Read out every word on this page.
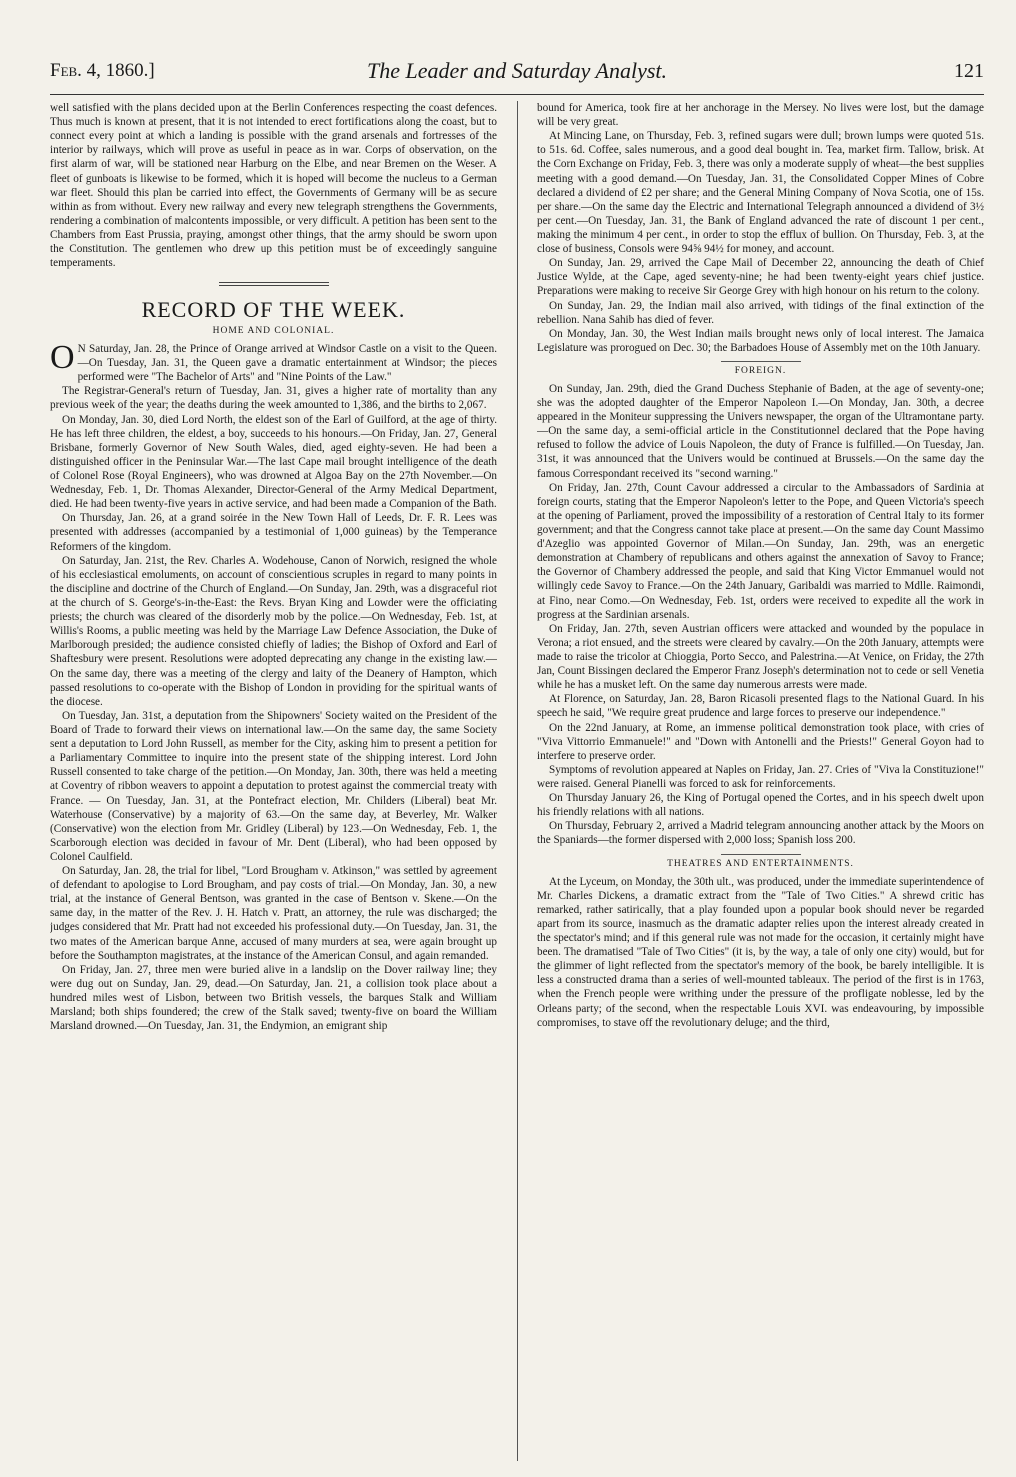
Feb. 4, 1860.]	The Leader and Saturday Analyst.	121

well satisfied with the plans decided upon at the Berlin Conferences respecting the coast defences. Thus much is known at present, that it is not intended to erect fortifications along the coast, but to connect every point at which a landing is possible with the grand arsenals and fortresses of the interior by railways, which will prove as useful in peace as in war. Corps of observation, on the first alarm of war, will be stationed near Harburg on the Elbe, and near Bremen on the Weser. A fleet of gunboats is likewise to be formed, which it is hoped will become the nucleus to a German war fleet. Should this plan be carried into effect, the Governments of Germany will be as secure within as from without. Every new railway and every new telegraph strengthens the Governments, rendering a combination of malcontents impossible, or very difficult. A petition has been sent to the Chambers from East Prussia, praying, amongst other things, that the army should be sworn upon the Constitution. The gentlemen who drew up this petition must be of exceedingly sanguine temperaments.

RECORD OF THE WEEK.
HOME AND COLONIAL.

O N Saturday, Jan. 28, the Prince of Orange arrived at Windsor Castle on a visit to the Queen.—On Tuesday, Jan. 31, the Queen gave a dramatic entertainment at Windsor; the pieces performed were "The Bachelor of Arts" and "Nine Points of the Law."

The Registrar-General's return of Tuesday, Jan. 31, gives a higher rate of mortality than any previous week of the year; the deaths during the week amounted to 1,386, and the births to 2,067.

On Monday, Jan. 30, died Lord North, the eldest son of the Earl of Guilford, at the age of thirty. He has left three children, the eldest, a boy, succeeds to his honours.—On Friday, Jan. 27, General Brisbane, formerly Governor of New South Wales, died, aged eighty-seven. He had been a distinguished officer in the Peninsular War.—The last Cape mail brought intelligence of the death of Colonel Rose (Royal Engineers), who was drowned at Algoa Bay on the 27th November.—On Wednesday, Feb. 1, Dr. Thomas Alexander, Director-General of the Army Medical Department, died. He had been twenty-five years in active service, and had been made a Companion of the Bath.

On Thursday, Jan. 26, at a grand soirée in the New Town Hall of Leeds, Dr. F. R. Lees was presented with addresses (accompanied by a testimonial of 1,000 guineas) by the Temperance Reformers of the kingdom.

On Saturday, Jan. 21st, the Rev. Charles A. Wodehouse, Canon of Norwich, resigned the whole of his ecclesiastical emoluments, on account of conscientious scruples in regard to many points in the discipline and doctrine of the Church of England.—On Sunday, Jan. 29th, was a disgraceful riot at the church of S. George's-in-the-East: the Revs. Bryan King and Lowder were the officiating priests; the church was cleared of the disorderly mob by the police.—On Wednesday, Feb. 1st, at Willis's Rooms, a public meeting was held by the Marriage Law Defence Association, the Duke of Marlborough presided; the audience consisted chiefly of ladies; the Bishop of Oxford and Earl of Shaftesbury were present. Resolutions were adopted deprecating any change in the existing law.—On the same day, there was a meeting of the clergy and laity of the Deanery of Hampton, which passed resolutions to co-operate with the Bishop of London in providing for the spiritual wants of the diocese.

On Tuesday, Jan. 31st, a deputation from the Shipowners' Society waited on the President of the Board of Trade to forward their views on international law.—On the same day, the same Society sent a deputation to Lord John Russell, as member for the City, asking him to present a petition for a Parliamentary Committee to inquire into the present state of the shipping interest. Lord John Russell consented to take charge of the petition.—On Monday, Jan. 30th, there was held a meeting at Coventry of ribbon weavers to appoint a deputation to protest against the commercial treaty with France. — On Tuesday, Jan. 31, at the Pontefract election, Mr. Childers (Liberal) beat Mr. Waterhouse (Conservative) by a majority of 63.—On the same day, at Beverley, Mr. Walker (Conservative) won the election from Mr. Gridley (Liberal) by 123.—On Wednesday, Feb. 1, the Scarborough election was decided in favour of Mr. Dent (Liberal), who had been opposed by Colonel Caulfield.

On Saturday, Jan. 28, the trial for libel, "Lord Brougham v. Atkinson," was settled by agreement of defendant to apologise to Lord Brougham, and pay costs of trial.—On Monday, Jan. 30, a new trial, at the instance of General Bentson, was granted in the case of Bentson v. Skene.—On the same day, in the matter of the Rev. J. H. Hatch v. Pratt, an attorney, the rule was discharged; the judges considered that Mr. Pratt had not exceeded his professional duty.—On Tuesday, Jan. 31, the two mates of the American barque Anne, accused of many murders at sea, were again brought up before the Southampton magistrates, at the instance of the American Consul, and again remanded.

On Friday, Jan. 27, three men were buried alive in a landslip on the Dover railway line; they were dug out on Sunday, Jan. 29, dead.—On Saturday, Jan. 21, a collision took place about a hundred miles west of Lisbon, between two British vessels, the barques Stalk and William Marsland; both ships foundered; the crew of the Stalk saved; twenty-five on board the William Marsland drowned.—On Tuesday, Jan. 31, the Endymion, an emigrant ship

bound for America, took fire at her anchorage in the Mersey. No lives were lost, but the damage will be very great.

At Mincing Lane, on Thursday, Feb. 3, refined sugars were dull; brown lumps were quoted 51s. to 51s. 6d. Coffee, sales numerous, and a good deal bought in. Tea, market firm. Tallow, brisk. At the Corn Exchange on Friday, Feb. 3, there was only a moderate supply of wheat—the best supplies meeting with a good demand.—On Tuesday, Jan. 31, the Consolidated Copper Mines of Cobre declared a dividend of £2 per share; and the General Mining Company of Nova Scotia, one of 15s. per share.—On the same day the Electric and International Telegraph announced a dividend of 3½ per cent.—On Tuesday, Jan. 31, the Bank of England advanced the rate of discount 1 per cent., making the minimum 4 per cent., in order to stop the efflux of bullion. On Thursday, Feb. 3, at the close of business, Consols were 94⅝ 94½ for money, and account.

On Sunday, Jan. 29, arrived the Cape Mail of December 22, announcing the death of Chief Justice Wylde, at the Cape, aged seventy-nine; he had been twenty-eight years chief justice. Preparations were making to receive Sir George Grey with high honour on his return to the colony.

On Sunday, Jan. 29, the Indian mail also arrived, with tidings of the final extinction of the rebellion. Nana Sahib has died of fever.

On Monday, Jan. 30, the West Indian mails brought news only of local interest. The Jamaica Legislature was prorogued on Dec. 30; the Barbadoes House of Assembly met on the 10th January.

FOREIGN.

On Sunday, Jan. 29th, died the Grand Duchess Stephanie of Baden, at the age of seventy-one; she was the adopted daughter of the Emperor Napoleon I.—On Monday, Jan. 30th, a decree appeared in the Moniteur suppressing the Univers newspaper, the organ of the Ultramontane party.—On the same day, a semi-official article in the Constitutionnel declared that the Pope having refused to follow the advice of Louis Napoleon, the duty of France is fulfilled.—On Tuesday, Jan. 31st, it was announced that the Univers would be continued at Brussels.—On the same day the famous Correspondant received its "second warning."

On Friday, Jan. 27th, Count Cavour addressed a circular to the Ambassadors of Sardinia at foreign courts, stating that the Emperor Napoleon's letter to the Pope, and Queen Victoria's speech at the opening of Parliament, proved the impossibility of a restoration of Central Italy to its former government; and that the Congress cannot take place at present.—On the same day Count Massimo d'Azeglio was appointed Governor of Milan.—On Sunday, Jan. 29th, was an energetic demonstration at Chambery of republicans and others against the annexation of Savoy to France; the Governor of Chambery addressed the people, and said that King Victor Emmanuel would not willingly cede Savoy to France.—On the 24th January, Garibaldi was married to Mdlle. Raimondi, at Fino, near Como.—On Wednesday, Feb. 1st, orders were received to expedite all the work in progress at the Sardinian arsenals.

On Friday, Jan. 27th, seven Austrian officers were attacked and wounded by the populace in Verona; a riot ensued, and the streets were cleared by cavalry.—On the 20th January, attempts were made to raise the tricolor at Chioggia, Porto Secco, and Palestrina.—At Venice, on Friday, the 27th Jan, Count Bissingen declared the Emperor Franz Joseph's determination not to cede or sell Venetia while he has a musket left. On the same day numerous arrests were made.

At Florence, on Saturday, Jan. 28, Baron Ricasoli presented flags to the National Guard. In his speech he said, "We require great prudence and large forces to preserve our independence."

On the 22nd January, at Rome, an immense political demonstration took place, with cries of "Viva Vittorrio Emmanuele!" and "Down with Antonelli and the Priests!" General Goyon had to interfere to preserve order.

Symptoms of revolution appeared at Naples on Friday, Jan. 27. Cries of "Viva la Constituzione!" were raised. General Pianelli was forced to ask for reinforcements.

On Thursday January 26, the King of Portugal opened the Cortes, and in his speech dwelt upon his friendly relations with all nations.

On Thursday, February 2, arrived a Madrid telegram announcing another attack by the Moors on the Spaniards—the former dispersed with 2,000 loss; Spanish loss 200.

THEATRES AND ENTERTAINMENTS.

At the Lyceum, on Monday, the 30th ult., was produced, under the immediate superintendence of Mr. Charles Dickens, a dramatic extract from the "Tale of Two Cities." A shrewd critic has remarked, rather satirically, that a play founded upon a popular book should never be regarded apart from its source, inasmuch as the dramatic adapter relies upon the interest already created in the spectator's mind; and if this general rule was not made for the occasion, it certainly might have been. The dramatised "Tale of Two Cities" (it is, by the way, a tale of only one city) would, but for the glimmer of light reflected from the spectator's memory of the book, be barely intelligible. It is less a constructed drama than a series of well-mounted tableaux. The period of the first is in 1763, when the French people were writhing under the pressure of the profligate noblesse, led by the Orleans party; of the second, when the respectable Louis XVI. was endeavouring, by impossible compromises, to stave off the revolutionary deluge; and the third,
